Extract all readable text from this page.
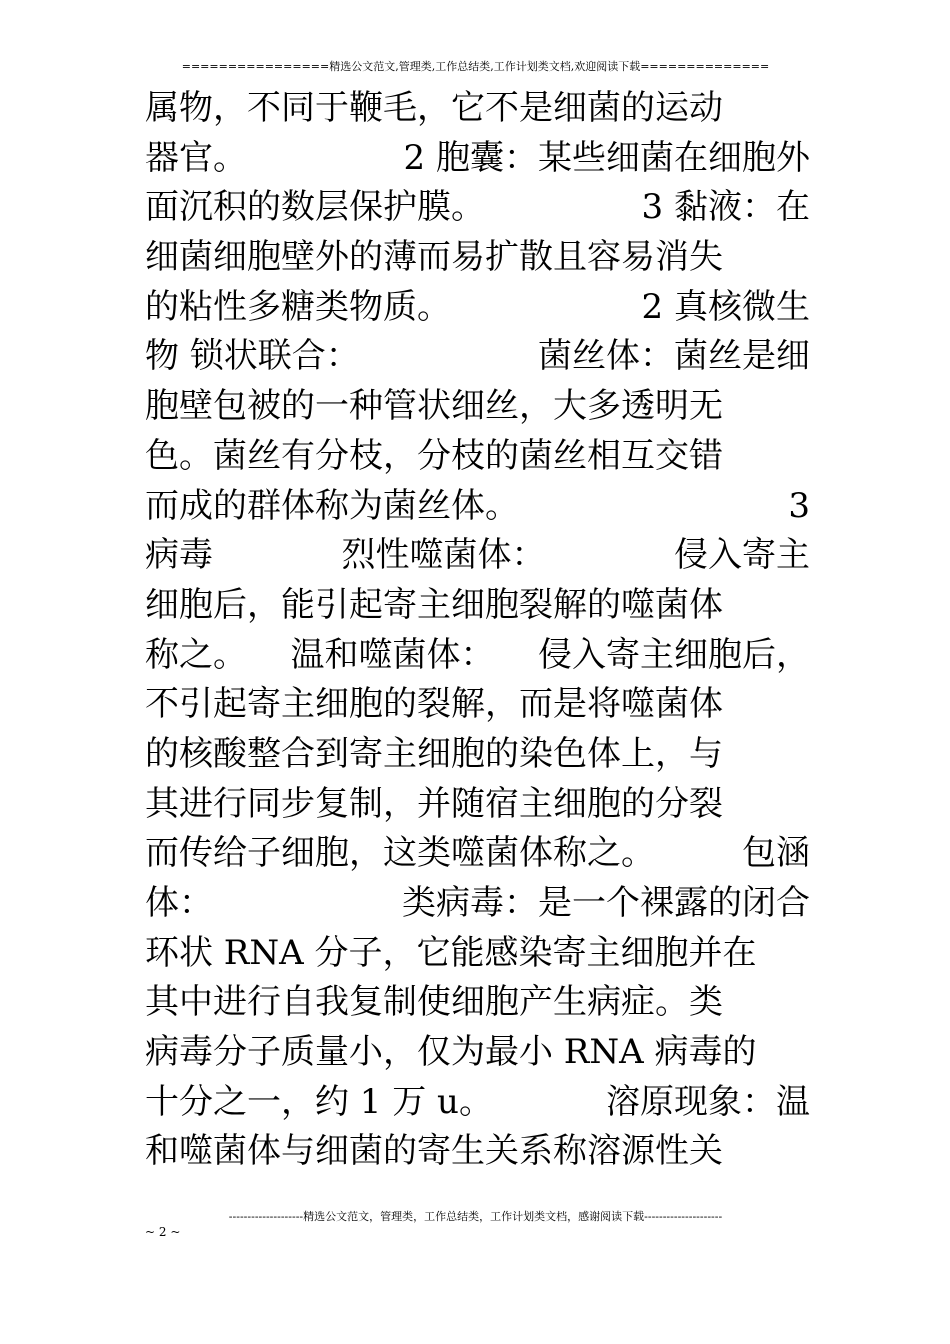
================精选公文范文,管理类,工作总结类,工作计划类文档,欢迎阅读下载==============
属物，不同于鞭毛，它不是细菌的运动
器官。	2 胞囊：某些细菌在细胞外
面沉积的数层保护膜。	3 黏液：在
细菌细胞壁外的薄而易扩散且容易消失
的粘性多糖类物质。	2 真核微生
物 锁状联合：	菌丝体：菌丝是细
胞壁包被的一种管状细丝，大多透明无
色。菌丝有分枝，分枝的菌丝相互交错
而成的群体称为菌丝体。	3
病毒	烈性噬菌体：	侵入寄主
细胞后，能引起寄主细胞裂解的噬菌体
称之。 温和噬菌体： 侵入寄主细胞后，
不引起寄主细胞的裂解，而是将噬菌体
的核酸整合到寄主细胞的染色体上，与
其进行同步复制，并随宿主细胞的分裂
而传给子细胞，这类噬菌体称之。	包涵
体：	类病毒：是一个裸露的闭合
环状 RNA 分子，它能感染寄主细胞并在
其中进行自我复制使细胞产生病症。类
病毒分子质量小，仅为最小 RNA 病毒的
十分之一，约 1 万 u。	溶原现象：温
和噬菌体与细菌的寄生关系称溶源性关
--------------------精选公文范文，管理类，工作总结类，工作计划类文档，感谢阅读下载---------------------
~ 2 ~
